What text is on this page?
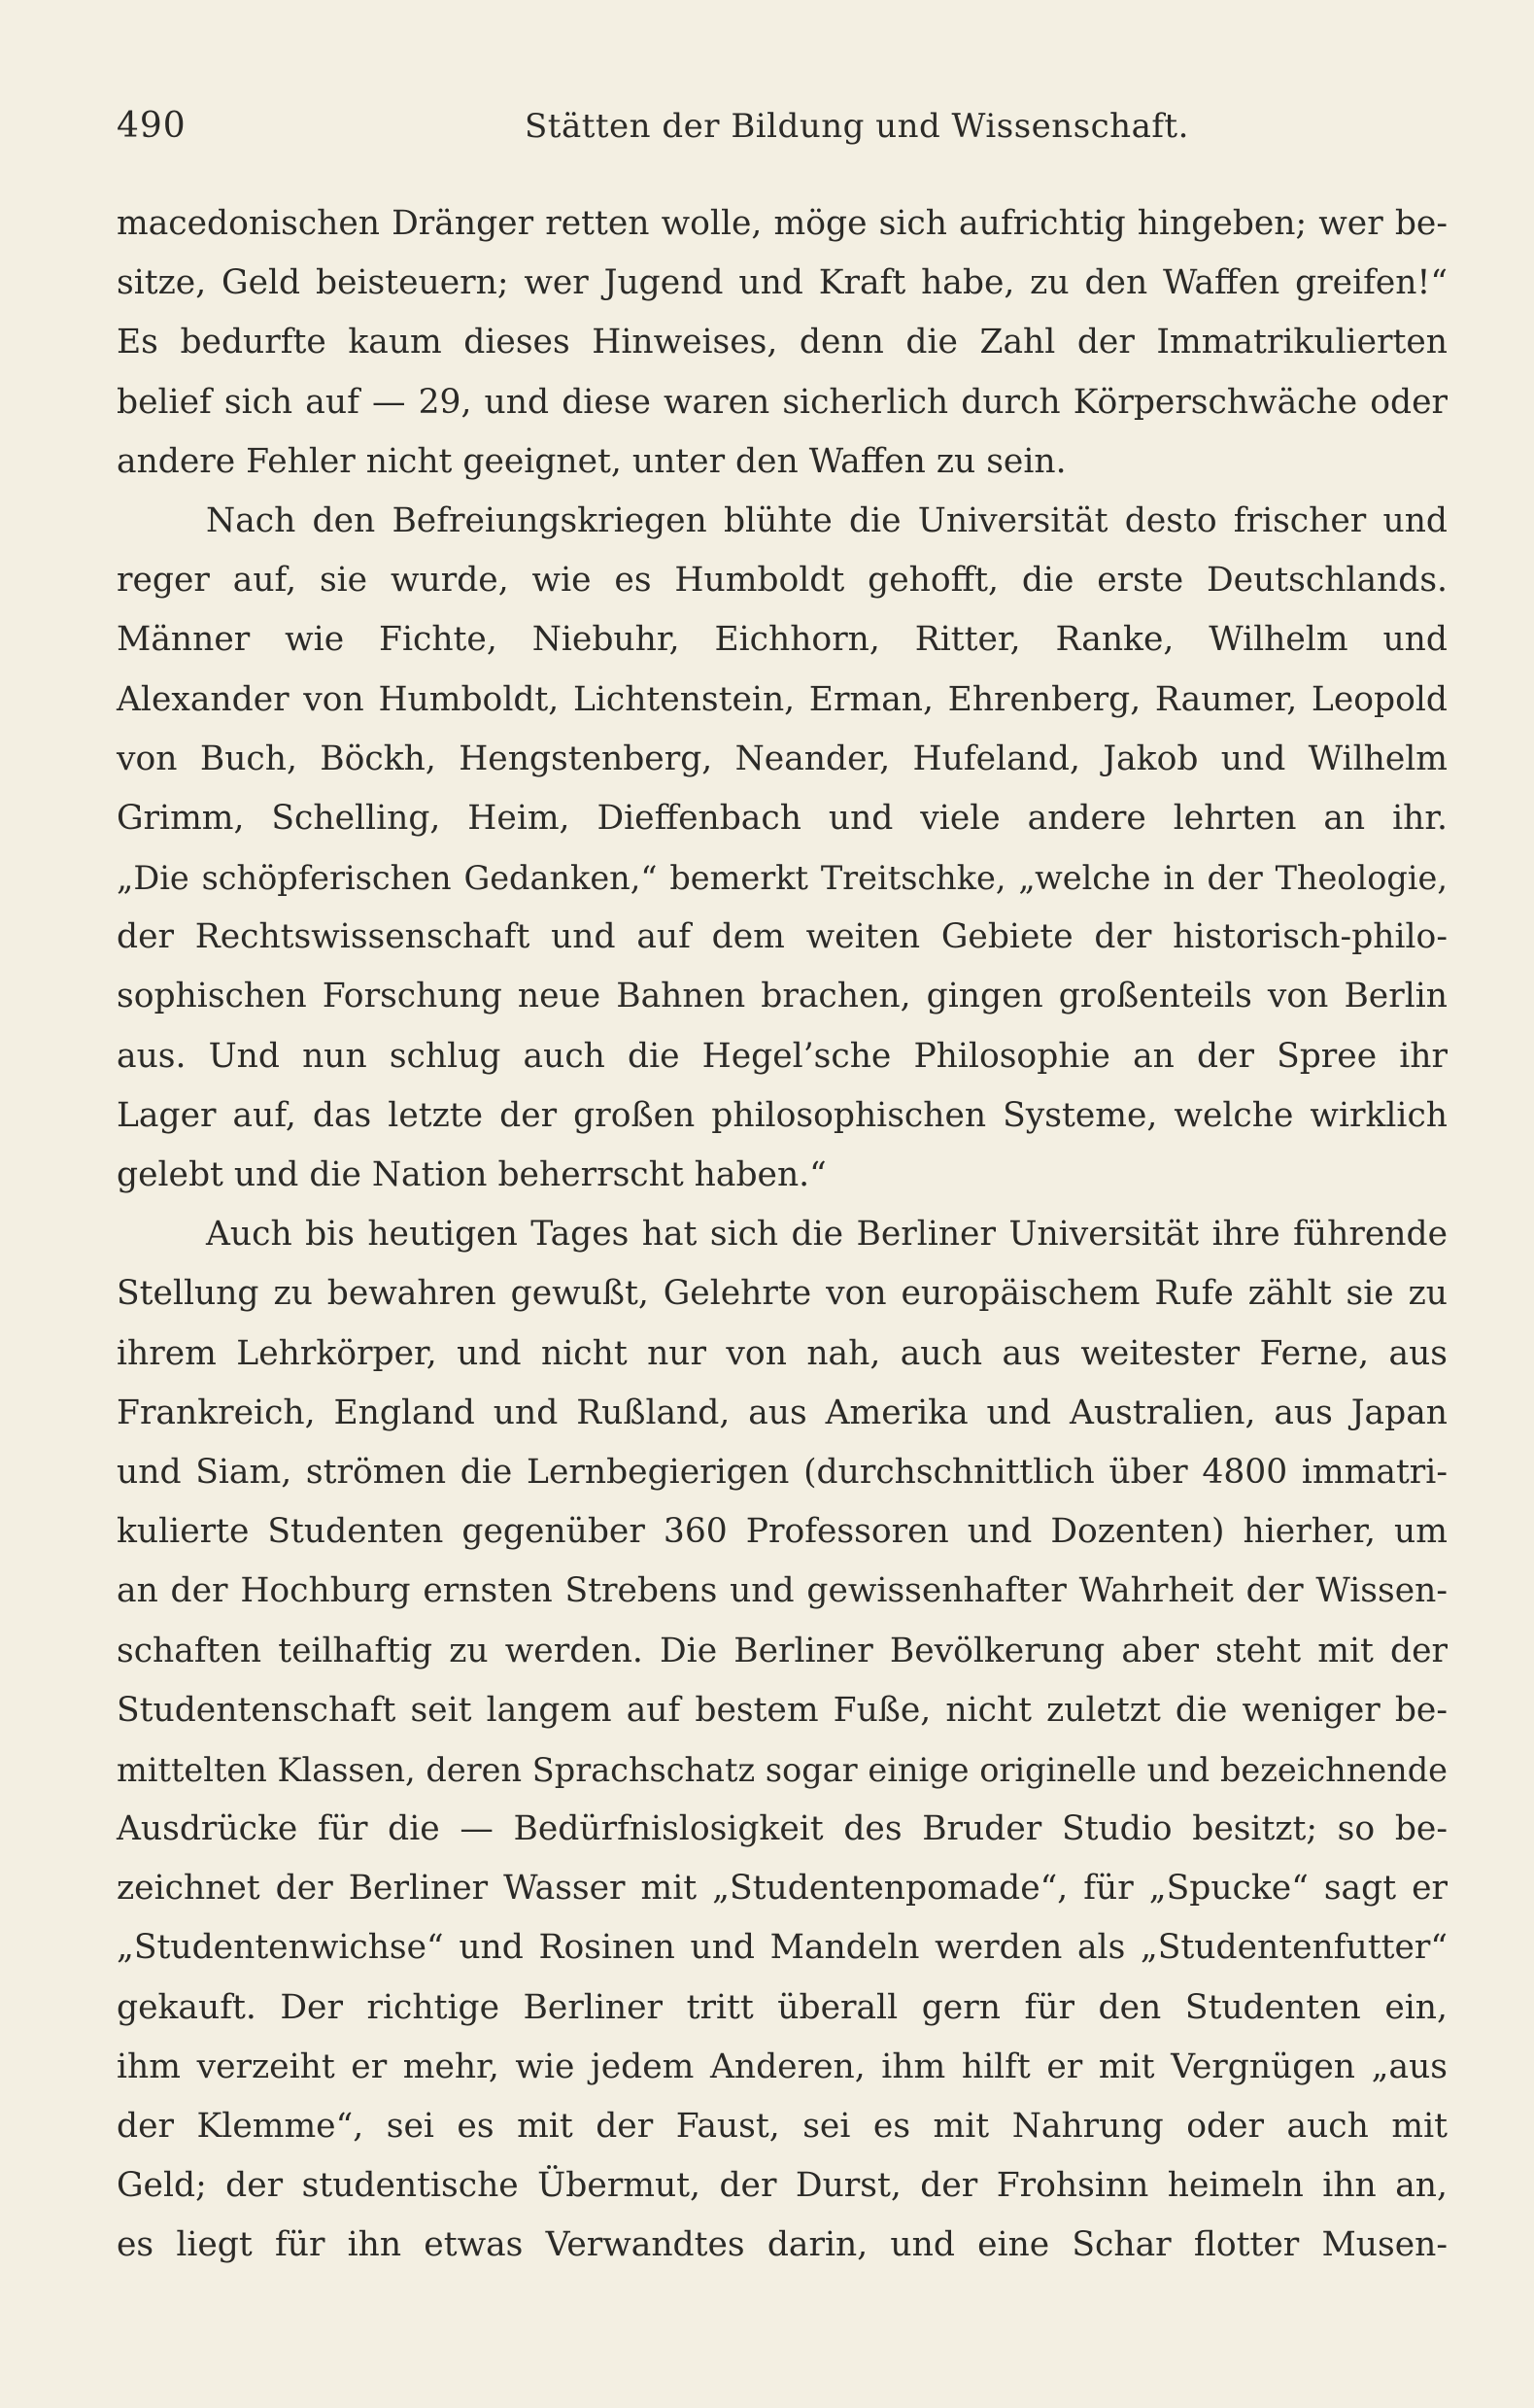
490	Stätten der Bildung und Wissenschaft.
macedonischen Dränger retten wolle, möge sich aufrichtig hingeben; wer be-
sitze, Geld beisteuern; wer Jugend und Kraft habe, zu den Waffen greifen!“
Es bedurfte kaum dieses Hinweises, denn die Zahl der Immatrikulierten
belief sich auf — 29, und diese waren sicherlich durch Körperschwäche oder
andere Fehler nicht geeignet, unter den Waffen zu sein.
Nach den Befreiungskriegen blühte die Universität desto frischer und
reger auf, sie wurde, wie es Humboldt gehofft, die erste Deutschlands.
Männer wie Fichte, Niebuhr, Eichhorn, Ritter, Ranke, Wilhelm und
Alexander von Humboldt, Lichtenstein, Erman, Ehrenberg, Raumer, Leopold
von Buch, Böckh, Hengstenberg, Neander, Hufeland, Jakob und Wilhelm
Grimm, Schelling, Heim, Dieffenbach und viele andere lehrten an ihr.
„Die schöpferischen Gedanken,“ bemerkt Treitschke, „welche in der Theologie,
der Rechtswissenschaft und auf dem weiten Gebiete der historisch-philo-
sophischen Forschung neue Bahnen brachen, gingen großenteils von Berlin
aus. Und nun schlug auch die Hegel’sche Philosophie an der Spree ihr
Lager auf, das letzte der großen philosophischen Systeme, welche wirklich
gelebt und die Nation beherrscht haben.“
Auch bis heutigen Tages hat sich die Berliner Universität ihre führende
Stellung zu bewahren gewußt, Gelehrte von europäischem Rufe zählt sie zu
ihrem Lehrkörper, und nicht nur von nah, auch aus weitester Ferne, aus
Frankreich, England und Rußland, aus Amerika und Australien, aus Japan
und Siam, strömen die Lernbegierigen (durchschnittlich über 4800 immatri-
kulierte Studenten gegenüber 360 Professoren und Dozenten) hierher, um
an der Hochburg ernsten Strebens und gewissenhafter Wahrheit der Wissen-
schaften teilhaftig zu werden. Die Berliner Bevölkerung aber steht mit der
Studentenschaft seit langem auf bestem Fuße, nicht zuletzt die weniger be-
mittelten Klassen, deren Sprachschatz sogar einige originelle und bezeichnende
Ausdrücke für die — Bedürfnislosigkeit des Bruder Studio besitzt; so be-
zeichnet der Berliner Wasser mit „Studentenpomade“, für „Spucke“ sagt er
„Studentenwichse“ und Rosinen und Mandeln werden als „Studentenfutter“
gekauft. Der richtige Berliner tritt überall gern für den Studenten ein,
ihm verzeiht er mehr, wie jedem Anderen, ihm hilft er mit Vergnügen „aus
der Klemme“, sei es mit der Faust, sei es mit Nahrung oder auch mit
Geld; der studentische Übermut, der Durst, der Frohsinn heimeln ihn an,
es liegt für ihn etwas Verwandtes darin, und eine Schar flotter Musen-
